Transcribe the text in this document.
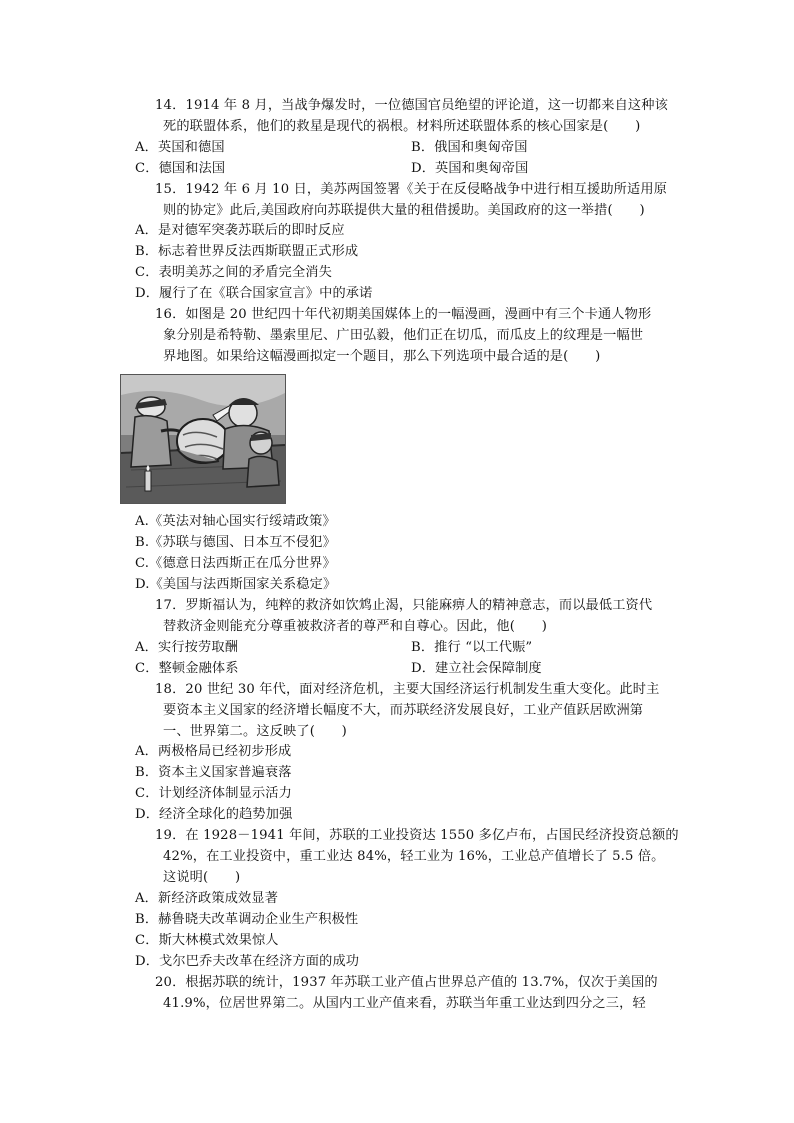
14．1914 年 8 月，当战争爆发时，一位德国官员绝望的评论道，这一切都来自这种该
死的联盟体系，他们的救星是现代的祸根。材料所述联盟体系的核心国家是(　　)
A．英国和德国	B．俄国和奥匈帝国
C．德国和法国	D．英国和奥匈帝国
15．1942 年 6 月 10 日，美苏两国签署《关于在反侵略战争中进行相互援助所适用原
则的协定》此后,美国政府向苏联提供大量的租借援助。美国政府的这一举措(　　)
A．是对德军突袭苏联后的即时反应
B．标志着世界反法西斯联盟正式形成
C．表明美苏之间的矛盾完全消失
D．履行了在《联合国家宣言》中的承诺
16．如图是 20 世纪四十年代初期美国媒体上的一幅漫画，漫画中有三个卡通人物形
象分别是希特勒、墨索里尼、广田弘毅，他们正在切瓜，而瓜皮上的纹理是一幅世
界地图。如果给这幅漫画拟定一个题目，那么下列选项中最合适的是(　　)
A.《英法对轴心国实行绥靖政策》
B.《苏联与德国、日本互不侵犯》
C.《德意日法西斯正在瓜分世界》
D.《美国与法西斯国家关系稳定》
17．罗斯福认为，纯粹的救济如饮鸩止渴，只能麻痹人的精神意志，而以最低工资代
替救济金则能充分尊重被救济者的尊严和自尊心。因此，他(　　)
A．实行按劳取酬	B．推行 “以工代赈”
C．整顿金融体系	D．建立社会保障制度
18．20 世纪 30 年代，面对经济危机，主要大国经济运行机制发生重大变化。此时主
要资本主义国家的经济增长幅度不大，而苏联经济发展良好，工业产值跃居欧洲第
一、世界第二。这反映了(　　)
A．两极格局已经初步形成
B．资本主义国家普遍衰落
C．计划经济体制显示活力
D．经济全球化的趋势加强
19．在 1928－1941 年间，苏联的工业投资达 1550 多亿卢布，占国民经济投资总额的
42%，在工业投资中，重工业达 84%，轻工业为 16%，工业总产值增长了 5.5 倍。
这说明(　　)
A．新经济政策成效显著
B．赫鲁晓夫改革调动企业生产积极性
C．斯大林模式效果惊人
D．戈尔巴乔夫改革在经济方面的成功
20．根据苏联的统计，1937 年苏联工业产值占世界总产值的 13.7%，仅次于美国的
41.9%，位居世界第二。从国内工业产值来看，苏联当年重工业达到四分之三，轻
